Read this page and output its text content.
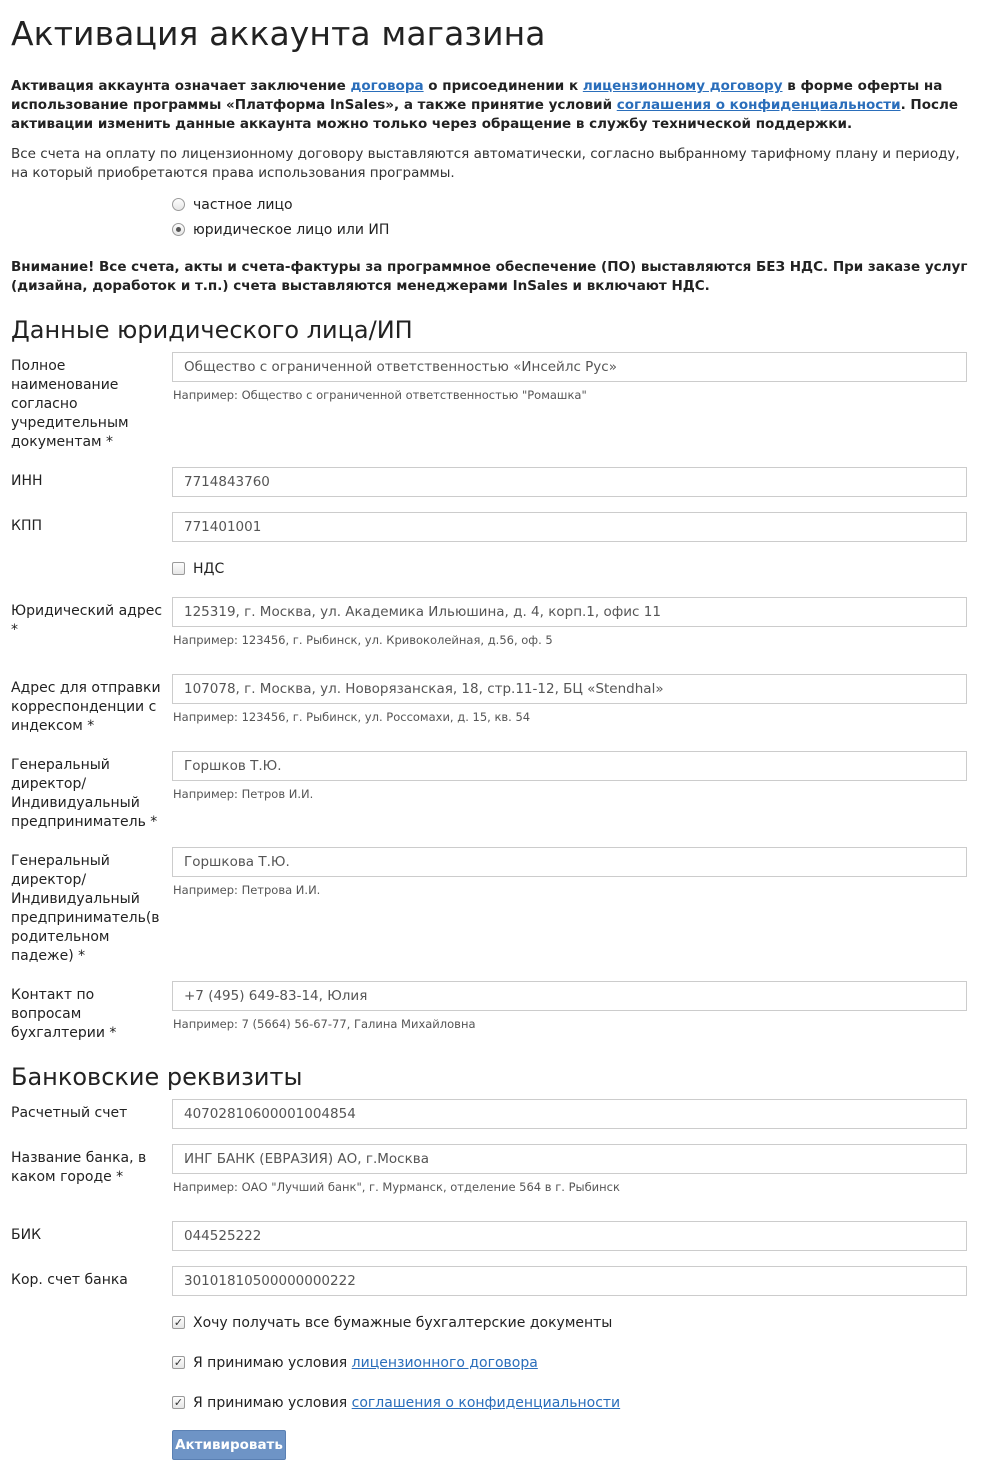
Активация аккаунта магазина
Активация аккаунта означает заключение договора о присоединении к лицензионному договору в форме оферты на использование программы «Платформа InSales», а также принятие условий соглашения о конфиденциальности. После активации изменить данные аккаунта можно только через обращение в службу технической поддержки.
Все счета на оплату по лицензионному договору выставляются автоматически, согласно выбранному тарифному плану и периоду, на который приобретаются права использования программы.
частное лицо
юридическое лицо или ИП
Внимание! Все счета, акты и счета-фактуры за программное обеспечение (ПО) выставляются БЕЗ НДС. При заказе услуг (дизайна, доработок и т.п.) счета выставляются менеджерами InSales и включают НДС.
Данные юридического лица/ИП
Полное наименование согласно учредительным документам *
Общество с ограниченной ответственностью «Инсейлс Рус»
Например: Общество с ограниченной ответственностью "Ромашка"
ИНН	7714843760
КПП	771401001
НДС
Юридический адрес *
125319, г. Москва, ул. Академика Ильюшина, д. 4, корп.1, офис 11
Например: 123456, г. Рыбинск, ул. Кривоколейная, д.56, оф. 5
Адрес для отправки корреспонденции с индексом *
107078, г. Москва, ул. Новорязанская, 18, стр.11-12, БЦ «Stendhal»
Например: 123456, г. Рыбинск, ул. Россомахи, д. 15, кв. 54
Генеральный директор/ Индивидуальный предприниматель *
Горшков Т.Ю.
Например: Петров И.И.
Генеральный директор/ Индивидуальный предприниматель(в родительном падеже) *
Горшкова Т.Ю.
Например: Петрова И.И.
Контакт по вопросам бухгалтерии *
+7 (495) 649-83-14, Юлия
Например: 7 (5664) 56-67-77, Галина Михайловна
Банковские реквизиты
Расчетный счет	40702810600001004854
Название банка, в каком городе *
ИНГ БАНК (ЕВРАЗИЯ) АО, г.Москва
Например: ОАО "Лучший банк", г. Мурманск, отделение 564 в г. Рыбинск
БИК	044525222
Кор. счет банка	30101810500000000222
✓ Хочу получать все бумажные бухгалтерские документы
✓ Я принимаю условия лицензионного договора
✓ Я принимаю условия соглашения о конфиденциальности
Активировать
